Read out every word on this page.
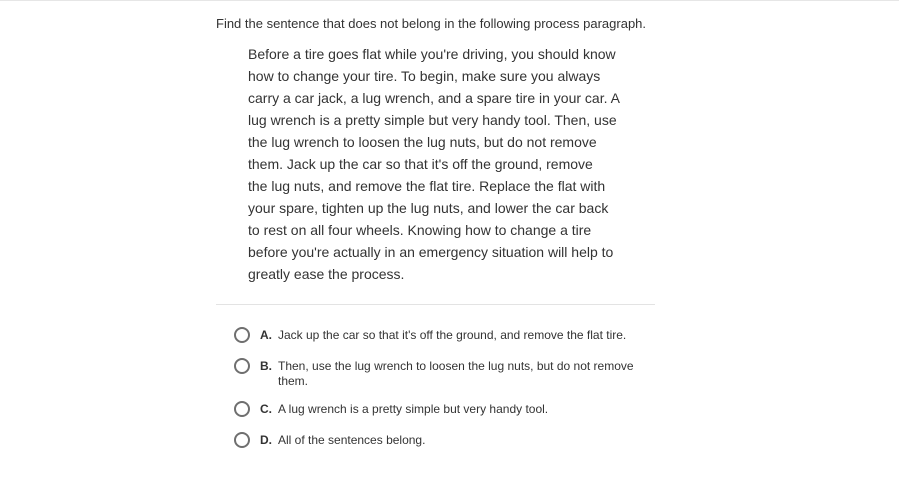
Find the sentence that does not belong in the following process paragraph.
Before a tire goes flat while you're driving, you should know
how to change your tire. To begin, make sure you always
carry a car jack, a lug wrench, and a spare tire in your car. A
lug wrench is a pretty simple but very handy tool. Then, use
the lug wrench to loosen the lug nuts, but do not remove
them. Jack up the car so that it's off the ground, remove
the lug nuts, and remove the flat tire. Replace the flat with
your spare, tighten up the lug nuts, and lower the car back
to rest on all four wheels. Knowing how to change a tire
before you're actually in an emergency situation will help to
greatly ease the process.
A. Jack up the car so that it's off the ground, and remove the flat tire.
B. Then, use the lug wrench to loosen the lug nuts, but do not remove them.
C. A lug wrench is a pretty simple but very handy tool.
D. All of the sentences belong.
